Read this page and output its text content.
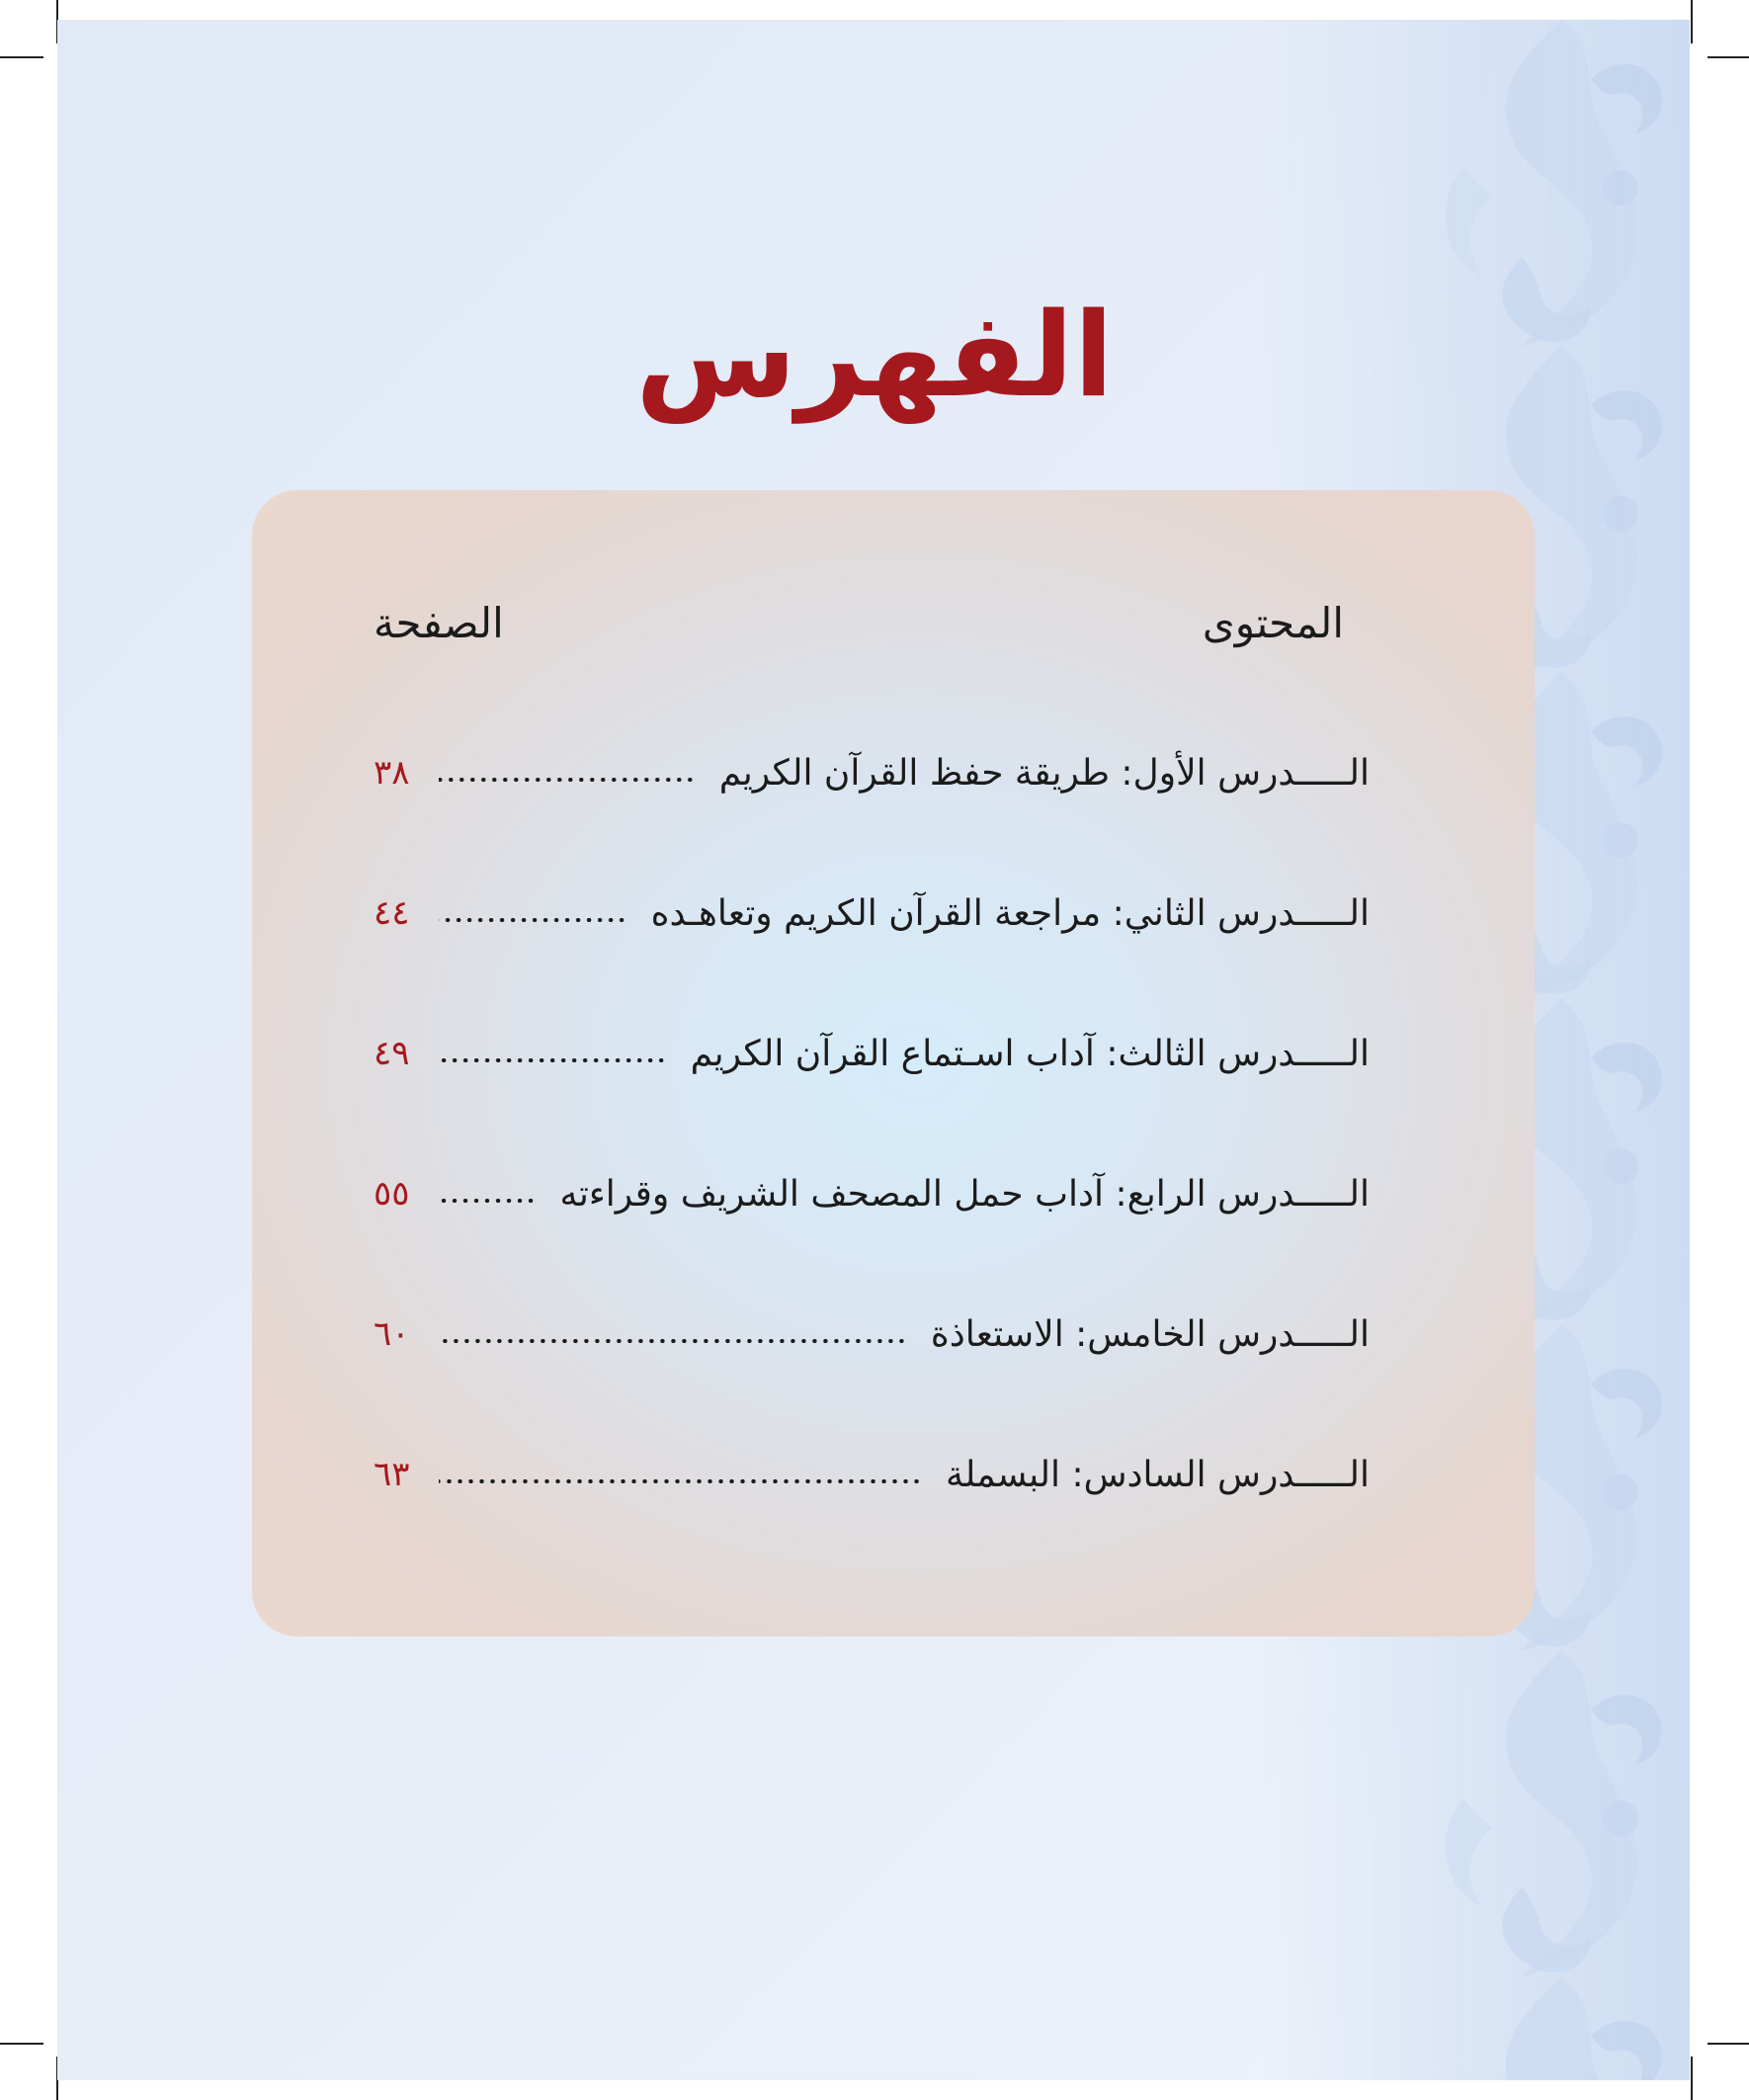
الفهرس
المحتوى
الصفحة
الـــــدرس الأول: طريقة حفظ القرآن الكريم
٣٨
الـــــدرس الثاني: مراجعة القرآن الكريم وتعاهـده
٤٤
الـــــدرس الثالث: آداب اسـتماع القرآن الكريم
٤٩
الـــــدرس الرابع: آداب حمل المصحف الشريف وقراءته
٥٥
الـــــدرس الخامس: الاستعاذة
٦٠
الـــــدرس السادس: البسملة
٦٣
